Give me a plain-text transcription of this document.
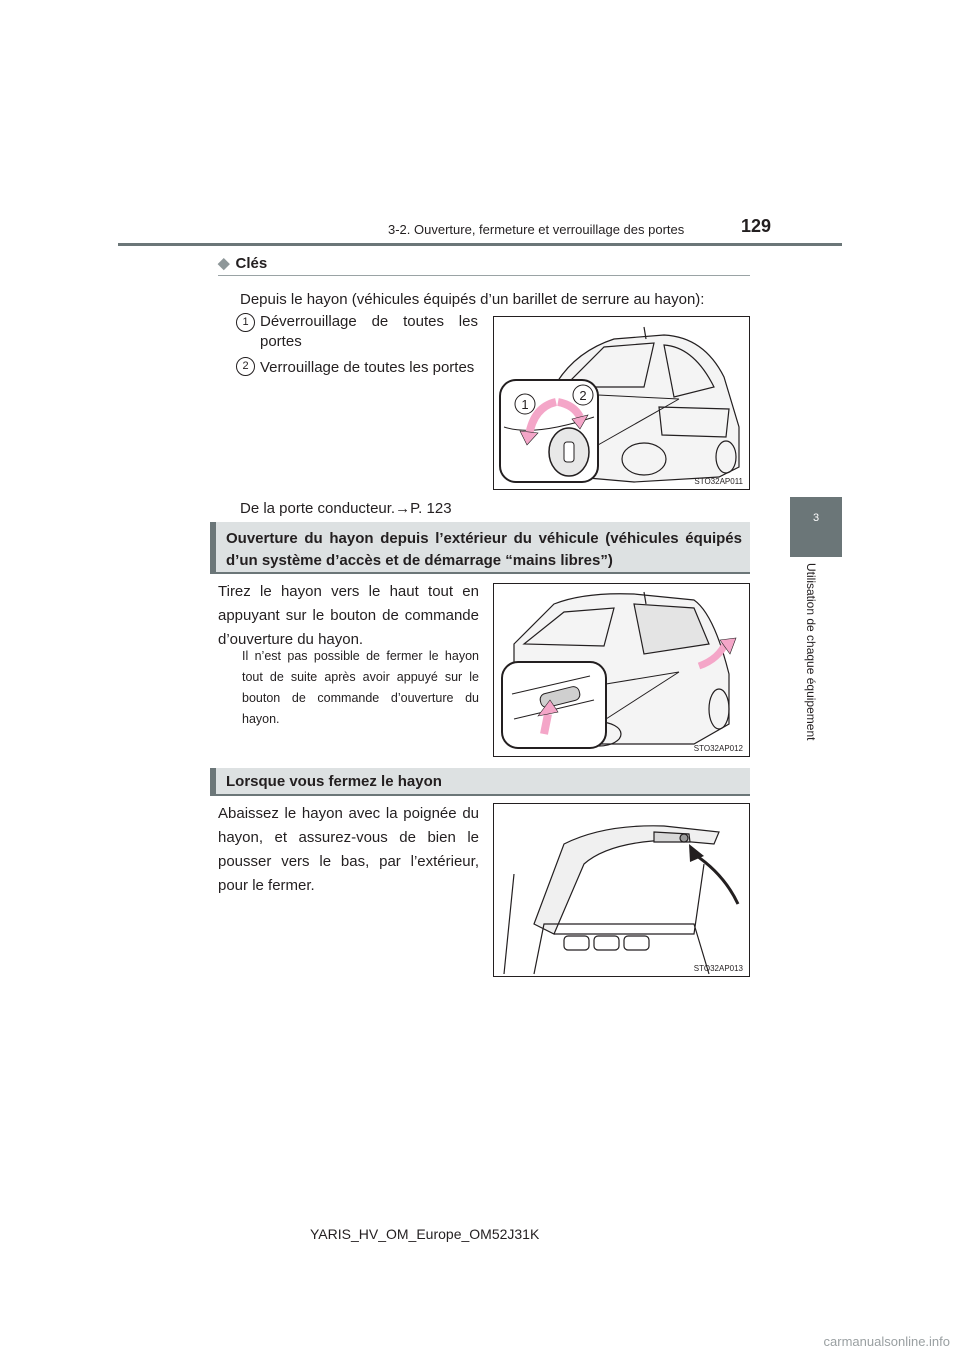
3-2. Ouverture, fermeture et verrouillage des portes	129
3
Utilisation de chaque équipement
◆ Clés
Depuis le hayon (véhicules équipés d’un barillet de serrure au hayon):
1 Déverrouillage de toutes les
portes
2 Verrouillage de toutes les portes
1
2
STO32AP011
De la porte conducteur.→P. 123
Ouverture du hayon depuis l’extérieur du véhicule (véhicules équipés
d’un système d’accès et de démarrage “mains libres”)
Tirez le hayon vers le haut tout en appuyant sur le bouton de commande d’ouverture du hayon.
Il n’est pas possible de fermer le hayon tout de suite après avoir appuyé sur le bouton de commande d’ouverture du hayon.
STO32AP012
Lorsque vous fermez le hayon
Abaissez le hayon avec la poignée du hayon, et assurez-vous de bien le pousser vers le bas, par l’extérieur, pour le fermer.
STO32AP013
YARIS_HV_OM_Europe_OM52J31K
carmanualsonline.info
